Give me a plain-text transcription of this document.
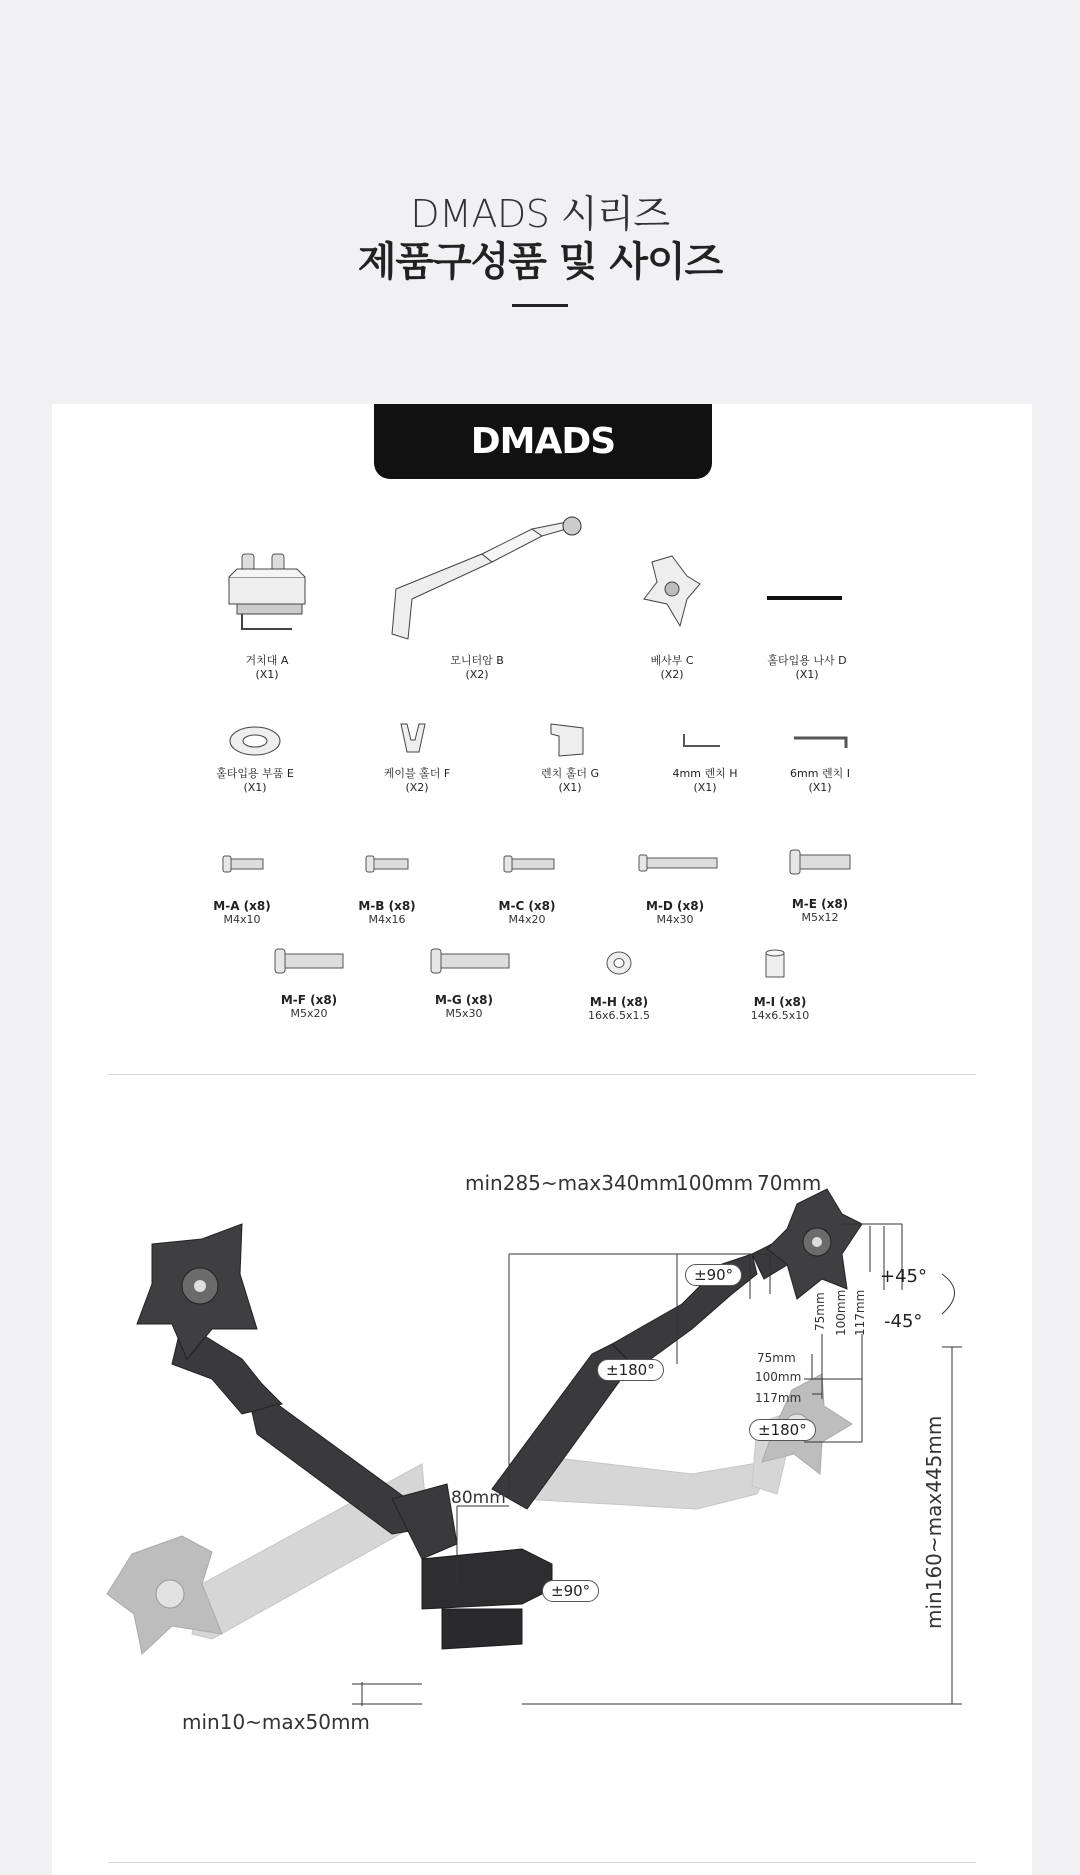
DMADS 시리즈
제품구성품 및 사이즈
DMADS
거치대 A
(X1)
모니터암 B
(X2)
베사부 C
(X2)
홀타입용 나사 D
(X1)
홀타입용 부품 E
(X1)
케이블 홀더 F
(X2)
렌치 홀더 G
(X1)
4mm 렌치 H
(X1)
6mm 렌치 I
(X1)
M-A (x8)
M4x10
M-B (x8)
M4x16
M-C (x8)
M4x20
M-D (x8)
M4x30
M-E (x8)
M5x12
M-F (x8)
M5x20
M-G (x8)
M5x30
M-H (x8)
16x6.5x1.5
M-I (x8)
14x6.5x10
min285~max340mm
100mm 70mm
80mm
min10~max50mm
min160~max445mm
75mm
100mm
117mm
75mm 100mm 117mm
+45°
-45°
±90°
±180°
±180°
±90°
